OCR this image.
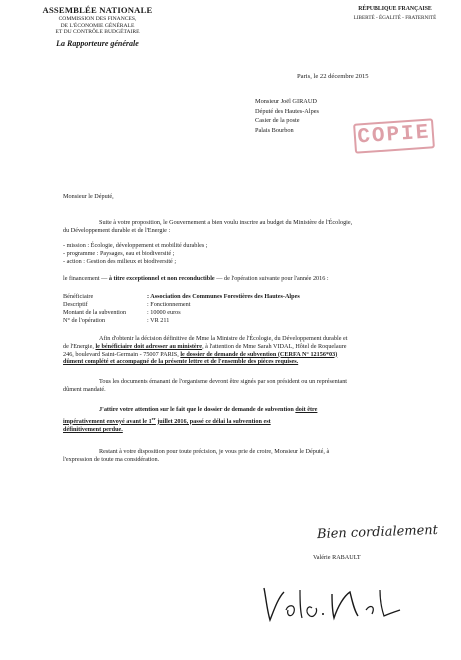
ASSEMBLÉE NATIONALE
COMMISSION DES FINANCES,
DE L'ÉCONOMIE GÉNÉRALE
ET DU CONTRÔLE BUDGÉTAIRE
La Rapporteure générale
RÉPUBLIQUE FRANÇAISE
LIBERTÉ - ÉGALITÉ - FRATERNITÉ
Paris, le 22 décembre 2015
Monsieur Joël GIRAUD
Député des Hautes-Alpes
Casier de la poste
Palais Bourbon	COPIE
Monsieur le Député,
Suite à votre proposition, le Gouvernement a bien voulu inscrire au budget du Ministère de l'Écologie,
du Développement durable et de l'Energie :
- mission : Écologie, développement et mobilité durables ;
- programme : Paysages, eau et biodiversité ;
- action : Gestion des milieux et biodiversité ;
le financement — à titre exceptionnel et non reconductible — de l'opération suivante pour l'année 2016 :
Bénéficiaire	: Association des Communes Forestières des Hautes-Alpes
Descriptif	: Fonctionnement
Montant de la subvention	: 10000 euros
N° de l'opération	: VR 211
Afin d'obtenir la décision définitive de Mme la Ministre de l'Écologie, du Développement durable et
de l'Energie, le bénéficiaire doit adresser au ministère, à l'attention de Mme Sarah VIDAL, Hôtel de Roquelaure
246, boulevard Saint-Germain - 75007 PARIS, le dossier de demande de subvention (CERFA N° 12156*03)
dûment complété et accompagné de la présente lettre et de l'ensemble des pièces requises.
Tous les documents émanant de l'organisme devront être signés par son président ou un représentant
dûment mandaté.
J'attire votre attention sur le fait que le dossier de demande de subvention doit être
impérativement envoyé avant le 1er juillet 2016, passé ce délai la subvention est
définitivement perdue.
Restant à votre disposition pour toute précision, je vous prie de croire, Monsieur le Député, à
l'expression de toute ma considération.
Bien cordialement
Valérie RABAULT
